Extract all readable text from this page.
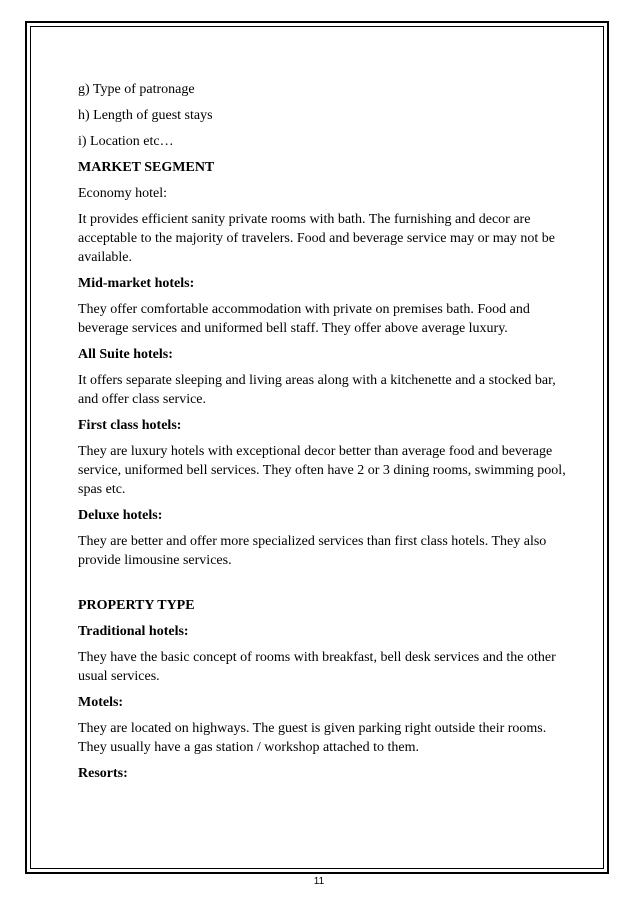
g) Type of patronage

h) Length of guest stays

i) Location etc…

MARKET SEGMENT

Economy hotel:

It provides efficient sanity private rooms with bath. The furnishing and decor are acceptable to the majority of travelers. Food and beverage service may or may not be available.

Mid-market hotels:

They offer comfortable accommodation with private on premises bath. Food and beverage services and uniformed bell staff. They offer above average luxury.

All Suite hotels:

It offers separate sleeping and living areas along with a kitchenette and a stocked bar, and offer class service.

First class hotels:

They are luxury hotels with exceptional decor better than average food and beverage service, uniformed bell services. They often have 2 or 3 dining rooms, swimming pool, spas etc.

Deluxe hotels:

They are better and offer more specialized services than first class hotels. They also provide limousine services.

PROPERTY TYPE

Traditional hotels:

They have the basic concept of rooms with breakfast, bell desk services and the other usual services.

Motels:

They are located on highways. The guest is given parking right outside their rooms. They usually have a gas station / workshop attached to them.

Resorts:

11
